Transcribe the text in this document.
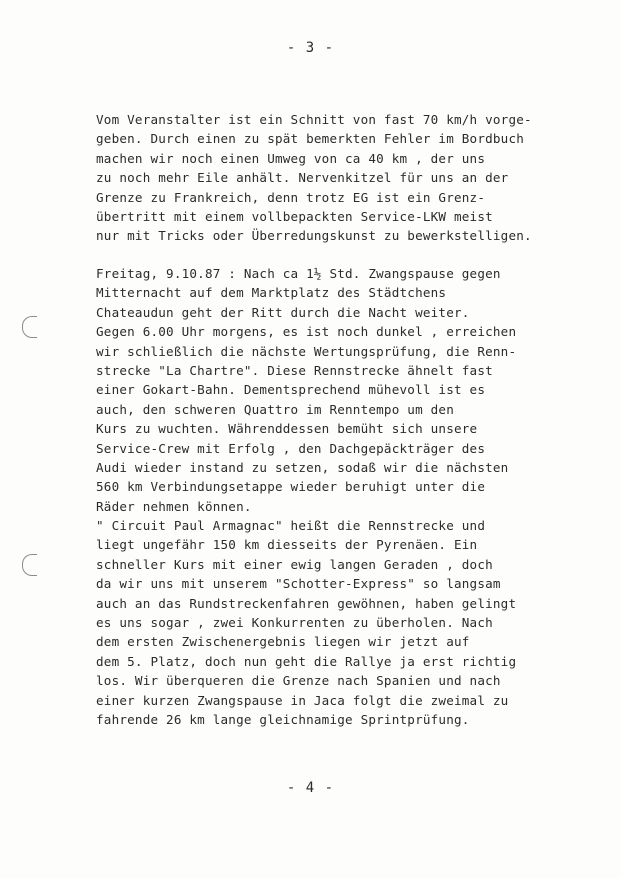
- 3 -
Vom Veranstalter ist ein Schnitt von fast 70 km/h vorge-
geben. Durch einen zu spät bemerkten Fehler im Bordbuch
machen wir noch einen Umweg von ca 40 km , der uns
zu noch mehr Eile anhält. Nervenkitzel für uns an der
Grenze zu Frankreich, denn trotz EG ist ein Grenz-
übertritt mit einem vollbepackten Service-LKW meist
nur mit Tricks oder Überredungskunst zu bewerkstelligen.
Freitag, 9.10.87 : Nach ca 1½ Std. Zwangspause gegen
Mitternacht auf dem Marktplatz des Städtchens
Chateaudun geht der Ritt durch die Nacht weiter.
Gegen 6.00 Uhr morgens, es ist noch dunkel , erreichen
wir schließlich die nächste Wertungsprüfung, die Renn-
strecke "La Chartre". Diese Rennstrecke ähnelt fast
einer Gokart-Bahn. Dementsprechend mühevoll ist es
auch, den schweren Quattro im Renntempo um den
Kurs zu wuchten. Währenddessen bemüht sich unsere
Service-Crew mit Erfolg , den Dachgepäckträger des
Audi wieder instand zu setzen, sodaß wir die nächsten
560 km Verbindungsetappe wieder beruhigt unter die
Räder nehmen können.
" Circuit Paul Armagnac" heißt die Rennstrecke und
liegt ungefähr 150 km diesseits der Pyrenäen. Ein
schneller Kurs mit einer ewig langen Geraden , doch
da wir uns mit unserem "Schotter-Express" so langsam
auch an das Rundstreckenfahren gewöhnen, haben gelingt
es uns sogar , zwei Konkurrenten zu überholen. Nach
dem ersten Zwischenergebnis liegen wir jetzt auf
dem 5. Platz, doch nun geht die Rallye ja erst richtig
los. Wir überqueren die Grenze nach Spanien und nach
einer kurzen Zwangspause in Jaca folgt die zweimal zu
fahrende 26 km lange gleichnamige Sprintprüfung.
- 4 -
